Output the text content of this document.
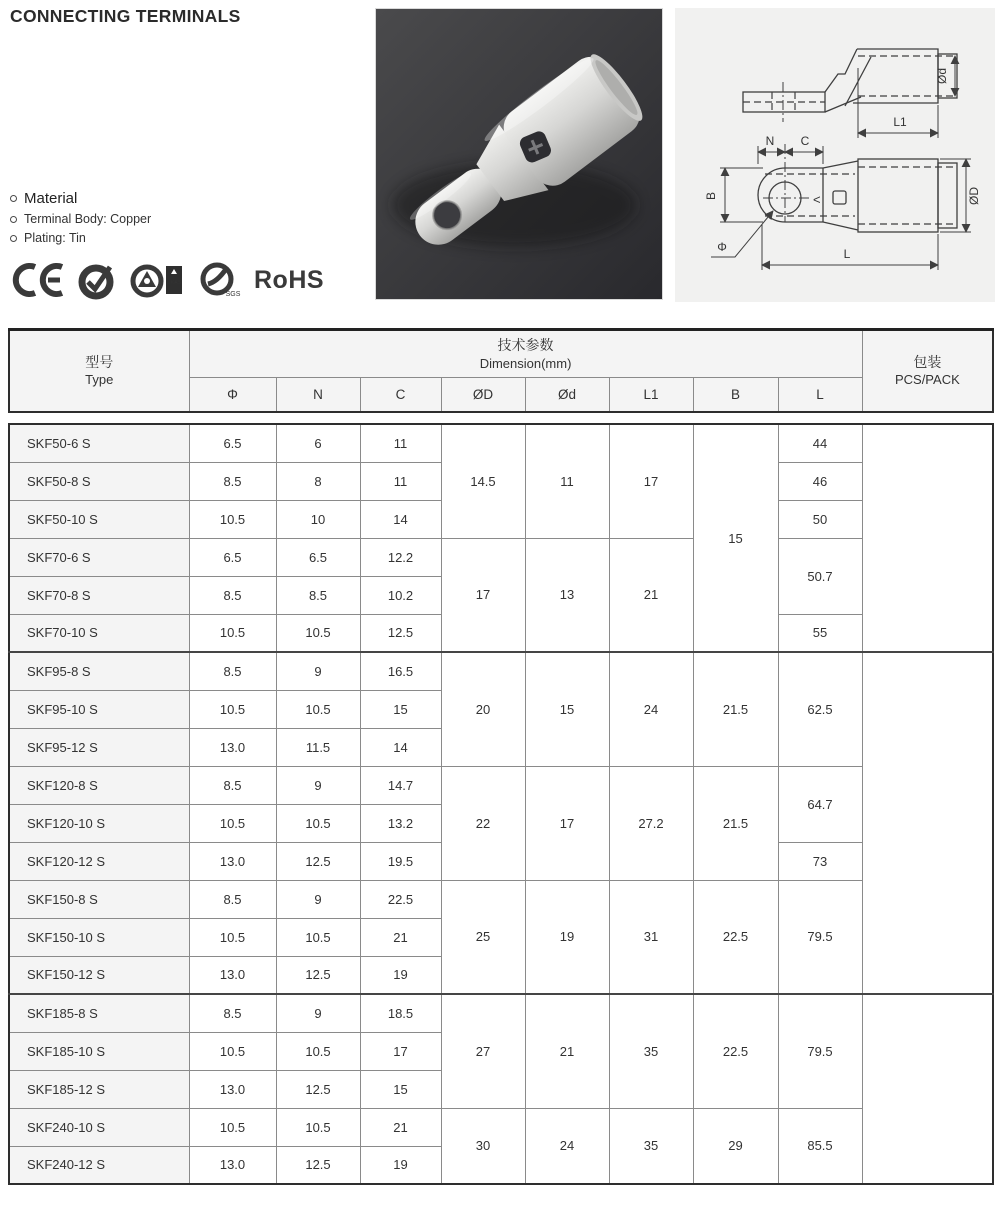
CONNECTING TERMINALS
Material
Terminal Body: Copper
Plating: Tin
UKAS
SGS
RoHS
Ød
L1
<
N C
B	ØD
L
Φ
型号
Type

技术参数
Dimension(mm)	包装
PCS/PACK

	Φ	N	C	ØD	Ød	L1	B	L	
SKF50-6 S	6.5	6	11	14.5	11	17	15	44	
SKF50-8 S	8.5	8	11					46	
SKF50-10 S	10.5	10	14					50	
SKF70-6 S	6.5	6.5	12.2	17	13	21		50.7	
SKF70-8 S	8.5	8.5	10.2						
SKF70-10 S	10.5	10.5	12.5					55	
SKF95-8 S	8.5	9	16.5	20	15	24	21.5	62.5	
SKF95-10 S	10.5	10.5	15						
SKF95-12 S	13.0	11.5	14						
SKF120-8 S	8.5	9	14.7	22	17	27.2	21.5	64.7	
SKF120-10 S	10.5	10.5	13.2						
SKF120-12 S	13.0	12.5	19.5					73	
SKF150-8 S	8.5	9	22.5	25	19	31	22.5	79.5	
SKF150-10 S	10.5	10.5	21						
SKF150-12 S	13.0	12.5	19						
SKF185-8 S	8.5	9	18.5	27	21	35	22.5	79.5	
SKF185-10 S	10.5	10.5	17						
SKF185-12 S	13.0	12.5	15						
SKF240-10 S	10.5	10.5	21	30	24	35	29	85.5	
SKF240-12 S	13.0	12.5	19						
